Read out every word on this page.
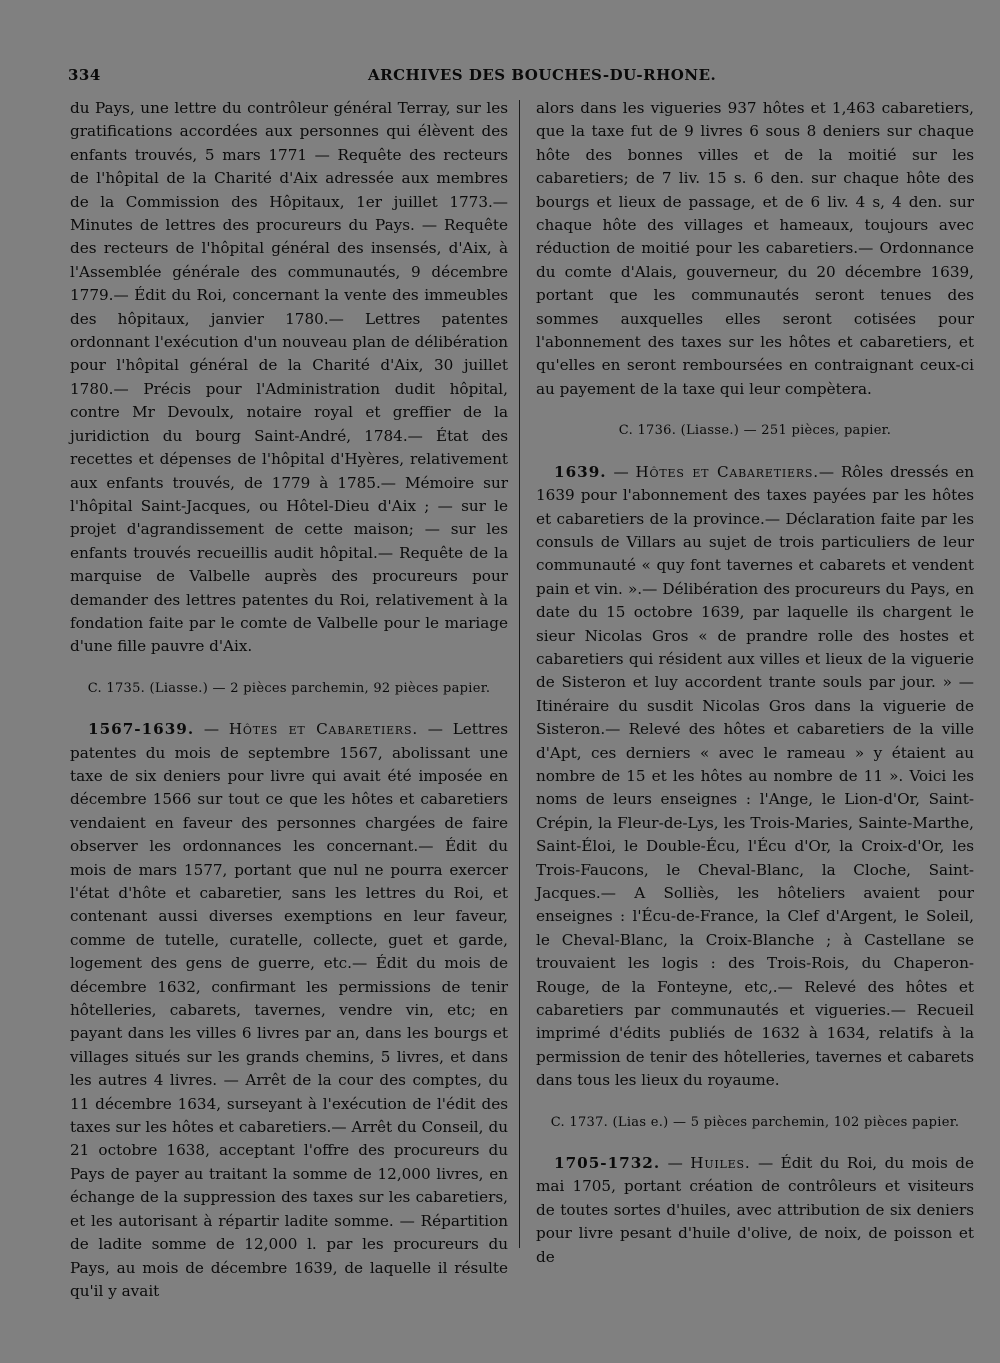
334	ARCHIVES DES BOUCHES-DU-RHONE.

du Pays, une lettre du contrôleur général Terray, sur les gratifications accordées aux personnes qui élèvent des enfants trouvés, 5 mars 1771 — Requête des recteurs de l'hôpital de la Charité d'Aix adressée aux membres de la Commission des Hôpitaux, 1er juillet 1773.— Minutes de lettres des procureurs du Pays. — Requête des recteurs de l'hôpital général des insensés, d'Aix, à l'Assemblée générale des communautés, 9 décembre 1779.— Édit du Roi, concernant la vente des immeubles des hôpitaux, janvier 1780.— Lettres patentes ordonnant l'exécution d'un nouveau plan de délibération pour l'hôpital général de la Charité d'Aix, 30 juillet 1780.— Précis pour l'Administration dudit hôpital, contre Mr Devoulx, notaire royal et greffier de la juridiction du bourg Saint-André, 1784.— État des recettes et dépenses de l'hôpital d'Hyères, relativement aux enfants trouvés, de 1779 à 1785.— Mémoire sur l'hôpital Saint-Jacques, ou Hôtel-Dieu d'Aix ; — sur le projet d'agrandissement de cette maison; — sur les enfants trouvés recueillis audit hôpital.— Requête de la marquise de Valbelle auprès des procureurs pour demander des lettres patentes du Roi, relativement à la fondation faite par le comte de Valbelle pour le mariage d'une fille pauvre d'Aix.

C. 1735. (Liasse.) — 2 pièces parchemin, 92 pièces papier.

1567-1639. — Hôtes et Cabaretiers. — Lettres patentes du mois de septembre 1567, abolissant une taxe de six deniers pour livre qui avait été imposée en décembre 1566 sur tout ce que les hôtes et cabaretiers vendaient en faveur des personnes chargées de faire observer les ordonnances les concernant.— Édit du mois de mars 1577, portant que nul ne pourra exercer l'état d'hôte et cabaretier, sans les lettres du Roi, et contenant aussi diverses exemptions en leur faveur, comme de tutelle, curatelle, collecte, guet et garde, logement des gens de guerre, etc.— Édit du mois de décembre 1632, confirmant les permissions de tenir hôtelleries, cabarets, tavernes, vendre vin, etc; en payant dans les villes 6 livres par an, dans les bourgs et villages situés sur les grands chemins, 5 livres, et dans les autres 4 livres. — Arrêt de la cour des comptes, du 11 décembre 1634, surseyant à l'exécution de l'édit des taxes sur les hôtes et cabaretiers.— Arrêt du Conseil, du 21 octobre 1638, acceptant l'offre des procureurs du Pays de payer au traitant la somme de 12,000 livres, en échange de la suppression des taxes sur les cabaretiers, et les autorisant à répartir ladite somme. — Répartition de ladite somme de 12,000 l. par les procureurs du Pays, au mois de décembre 1639, de laquelle il résulte qu'il y avait

alors dans les vigueries 937 hôtes et 1,463 cabaretiers, que la taxe fut de 9 livres 6 sous 8 deniers sur chaque hôte des bonnes villes et de la moitié sur les cabaretiers; de 7 liv. 15 s. 6 den. sur chaque hôte des bourgs et lieux de passage, et de 6 liv. 4 s, 4 den. sur chaque hôte des villages et hameaux, toujours avec réduction de moitié pour les cabaretiers.— Ordonnance du comte d'Alais, gouverneur, du 20 décembre 1639, portant que les communautés seront tenues des sommes auxquelles elles seront cotisées pour l'abonnement des taxes sur les hôtes et cabaretiers, et qu'elles en seront remboursées en contraignant ceux-ci au payement de la taxe qui leur compètera.

C. 1736. (Liasse.) — 251 pièces, papier.

1639. — Hôtes et Cabaretiers.— Rôles dressés en 1639 pour l'abonnement des taxes payées par les hôtes et cabaretiers de la province.— Déclaration faite par les consuls de Villars au sujet de trois particuliers de leur communauté « quy font tavernes et cabarets et vendent pain et vin. ».— Délibération des procureurs du Pays, en date du 15 octobre 1639, par laquelle ils chargent le sieur Nicolas Gros « de prandre rolle des hostes et cabaretiers qui résident aux villes et lieux de la viguerie de Sisteron et luy accordent trante souls par jour. » — Itinéraire du susdit Nicolas Gros dans la viguerie de Sisteron.— Relevé des hôtes et cabaretiers de la ville d'Apt, ces derniers « avec le rameau » y étaient au nombre de 15 et les hôtes au nombre de 11 ». Voici les noms de leurs enseignes : l'Ange, le Lion-d'Or, Saint-Crépin, la Fleur-de-Lys, les Trois-Maries, Sainte-Marthe, Saint-Éloi, le Double-Écu, l'Écu d'Or, la Croix-d'Or, les Trois-Faucons, le Cheval-Blanc, la Cloche, Saint-Jacques.— A Solliès, les hôteliers avaient pour enseignes : l'Écu-de-France, la Clef d'Argent, le Soleil, le Cheval-Blanc, la Croix-Blanche ; à Castellane se trouvaient les logis : des Trois-Rois, du Chaperon-Rouge, de la Fonteyne, etc,.— Relevé des hôtes et cabaretiers par communautés et vigueries.— Recueil imprimé d'édits publiés de 1632 à 1634, relatifs à la permission de tenir des hôtelleries, tavernes et cabarets dans tous les lieux du royaume.

C. 1737. (Lias e.) — 5 pièces parchemin, 102 pièces papier.

1705-1732. — Huiles. — Édit du Roi, du mois de mai 1705, portant création de contrôleurs et visiteurs de toutes sortes d'huiles, avec attribution de six deniers pour livre pesant d'huile d'olive, de noix, de poisson et de
